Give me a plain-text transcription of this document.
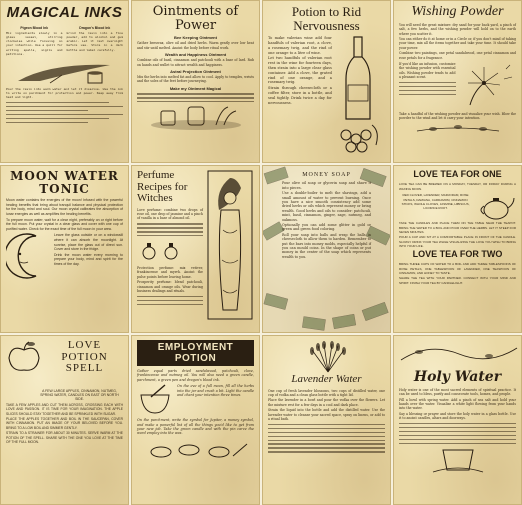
MAGICAL INKS
Pigeon Blood Ink
Mix ingredients slowly in a glass vessel, stirring clockwise while focusing on your intention. Use a quill for writing spells, sigils and petitions.
Dragon's Blood Ink
Grind the resin into a fine powder, add to alcohol and gum arabic. Let it rest overnight before use. Store in a dark bottle and label carefully.
Pour the resin into warm water and let it dissolve. Use the ink to write on parchment for protection and power. Keep away from heat and light.
Ointments of Power
Bee Keeping Ointment
Gather beeswax, olive oil and dried herbs. Warm gently over low heat and stir until melted. Anoint the body before ritual work.
Wealth and Happiness Ointment
Combine oils of basil, cinnamon and patchouli with a base of lard. Rub on hands and wallet to attract wealth and happiness.
Astral Projection Ointment
Mix the herbs into melted fat and allow to cool. Apply to temples, wrists and the soles of the feet before journeying.
Make my Ointment Magical
Potion to Rid Nervousness
To make valerian wine add four handfuls of valerian root, a clove, a rosemary twig, and the rind of one orange to a litre of wine.
Let two handfuls of valerian root rest in the wine for fourteen days, then strain into a large clear glass container. Add a clove, the grated rind of one orange, and a rosemary twig.
Strain through cheesecloth or a coffee filter, store in a bottle, and seal tightly. Drink twice a day for nervousness.
Wishing Powder
You will need the great mixture: dry sand for your back yard, a pinch of salt, a few herbs, and the wishing powder will hold on to the earth where you scatter it.
You can either do it at home or in a Circle or, if you don't mind of taking your time, mix all the items together and take your time. It should take your power.
Combine two paintings, one petal sandalwood, one petal cinnamon and rose petals for a fragrance.
If you'd like an infusion, customize the wishing powder with essential oils. Wishing powder tends to add a pleasant scent.
Take a handful of the wishing powder and visualize your wish. Blow the powder to the wind and let it carry your intention.
MOON WATER TONIC
Moon water contains the energies of the moon! Infused with the powerful healing benefits that bring about tranquil balance and physical protection for the body, mind and soul. Our moon crystal calibrates the absorption of lunar energies as well as amplifies the healing benefits.
To prepare moon water, wait for a clear night, preferably on or right before the full moon. Put your crystal in a clear glass and cover with one cup of purified water. Check for the exact time of the full moon in your area.
Leave the glass outside or on a windowsill where it can absorb the moonlight. At sunrise, place the glass out of direct sun. Cover and store in the fridge.
Drink the moon water every morning to prepare your body, mind and spirit for the times of the day.
Perfume Recipes for Witches
Love perfume: combine two drops of rose oil, one drop of jasmine and a pinch of vanilla in a base of almond oil.
Protection perfume: mix vetiver, frankincense and myrrh. Anoint the pulse points before leaving home.
Prosperity perfume: blend patchouli, cinnamon and orange oils. Wear during business dealings and rituals.
MONEY SOAP
Pour olive oil soap or glycerin soap and shave it into pieces.
Use a double-boiler to melt the shavings, add a small amount of water to prevent burning. Once you have a nice smooth consistency add some dried herbs or oils which represent money or bring wealth. Good herbs and oils to consider: patchouli, mint, basil, cinnamon, ginger, sage, nutmeg, and oakmoss.
Optionally you can add some glitter in gold or green and green food coloring.
Roll your soap into balls and wrap the balls in cheesecloth to allow them to harden. Remember to put the bars into money molds, especially helpful if you can mould coins. In the shape of coins or put money in the center of the soap which represents wealth to you.
LOVE TEA FOR ONE
LOVE TEA CAN BE BREWED ON A MONDAY, TUESDAY, OR FRIDAY DURING A WAXING MOON.
RED CLOVER, LAVENDER, MARJORAM, ROSE PETALS, DAMIANA, CARDAMOM, CINNAMON STICKS, WHOLE CLOVES, JASMINE, HIBISCUS, LICORICE ROOT.
TAKE THE CANDLES AND PLACE THEM ON THE TABLE NEAR THE TEAPOT. BRING THE WATER TO A BOIL AND POUR OVER THE HERBS. LET IT STEEP FOR SEVEN MINUTES.
POUR A CUP AND SIT AT A COMFORTABLE PLACE IN FRONT OF THE CANDLE. SLOWLY DRINK YOUR TEA WHILE VISUALIZING THE LOVE YOU WISH TO BRING INTO YOUR LIFE.
LOVE TEA FOR TWO
BRING THREE CUPS OF WATER TO A BOIL AND ADD THREE TABLESPOONS OF ROSE PETALS, ONE TABLESPOON OF LAVENDER, ONE TEASPOON OF CINNAMON, AND HONEY TO TASTE.
SHARE THE TEA WITH YOUR PARTNER. CONNECT WITH YOUR MIND AND SPIRIT. FINISH YOUR TEA BY CANDLELIGHT.
LOVE POTION SPELL
A FEW LARGE APPLES, CINNAMON, NUTMEG, SPRING WATER, CANDLES ON EAST OR NORTH SIDE.
TAKE A FEW APPLES AND CUT THEM ACROSS, CROSSING EACH WITH LOVE AND PASSION. IT IS TIME FOR YOUR IMAGINATION. THE APPLE SLICES SHOULD STAY TOGETHER AND BE SPRINKLED WITH SUGAR.
PLACE THE APPLES TOGETHER AND BOIL IN THE SAUCEPAN, COVER WITH CINNAMON. PUT AN IMAGE OF YOUR BELOVED BEFORE YOU. BRING TO A LOW BOIL AND SIMMER GENTLY.
STRAIN TO A STRAINER FOR ABOUT 30 MINUTES. SERVE WARM AT THE POTION OF THE SPELL. SHARE WITH THE ONE YOU LOVE AT THE TIME OF THE FULL MOON.
EMPLOYMENT POTION
Gather equal parts dried sandalwood, patchouli, clove, frankincense and nutmeg oil. You will also need a green candle, parchment, a green pen and dragon's blood ink.
On the eve of a full moon, fill all the herbs into the jar and crush a bit. Light the candle and chant your intention three times.
On the parchment, write the symbol for Jupiter, a money symbol, and make a powerful list of all the things you'd like to get from your new job. Take the green candle and with the pin carve the word employ into the wax.
Lavender Water
One cup of fresh lavender blossoms, two cups of distilled water, one cup of vodka and a clean glass bottle with a tight lid.
Place the lavender in a bowl and pour the vodka over the flowers. Let the mixture rest for a few days in a cool and dark place.
Strain the liquid into the bottle and add the distilled water. Use the lavender water to cleanse your sacred space, spray on linens, or add to a ritual bath.
Holy Water
Holy water is one of the most sacred elements of spiritual practice. It can be used to bless, purify and consecrate tools, homes, and people.
Fill a bowl with spring water. Add a pinch of sea salt and hold your hands over the water. Visualize a white light flowing from your hands into the water.
Say a blessing or prayer and store the holy water in a glass bottle. Use it to anoint candles, altars and doorways.
